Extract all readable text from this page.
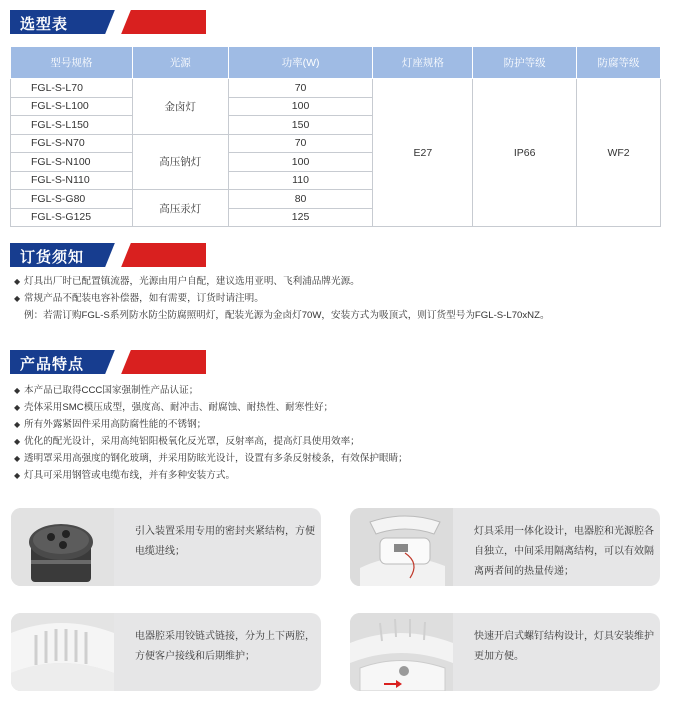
选型表
型号规格	光源	功率(W)	灯座规格	防护等级	防腐等级
FGL-S-L70	金卤灯	70	E27	IP66	WF2
FGL-S-L100		100			
FGL-S-L150		150			
FGL-S-N70	高压钠灯	70			
FGL-S-N100		100			
FGL-S-N110		110			
FGL-S-G80	高压汞灯	80			
FGL-S-G125		125			
订货须知
◆ 灯具出厂时已配置镇流器，光源由用户自配，建议选用亚明、飞利浦品牌光源。
◆ 常规产品不配装电容补偿器，如有需要，订货时请注明。
例：若需订购FGL-S系列防水防尘防腐照明灯，配装光源为金卤灯70W，安装方式为吸顶式，则订货型号为FGL-S-L70xNZ。
产品特点
◆ 本产品已取得CCC国家强制性产品认证；
◆ 壳体采用SMC模压成型，强度高、耐冲击、耐腐蚀、耐热性、耐寒性好；
◆ 所有外露紧固件采用高防腐性能的不锈钢；
◆ 优化的配光设计，采用高纯铝阳极氧化反光罩，反射率高，提高灯具使用效率；
◆ 透明罩采用高强度的钢化玻璃，并采用防眩光设计，设置有多条反射棱条，有效保护眼睛；
◆ 灯具可采用钢管或电缆布线，并有多种安装方式。
引入装置采用专用的密封夹紧结构，方便电缆进线；
灯具采用一体化设计，电器腔和光源腔各自独立，中间采用隔离结构，可以有效隔离两者间的热量传递；
电器腔采用铰链式链接，分为上下两腔，方便客户接线和后期维护；
快速开启式螺钉结构设计，灯具安装维护更加方便。
